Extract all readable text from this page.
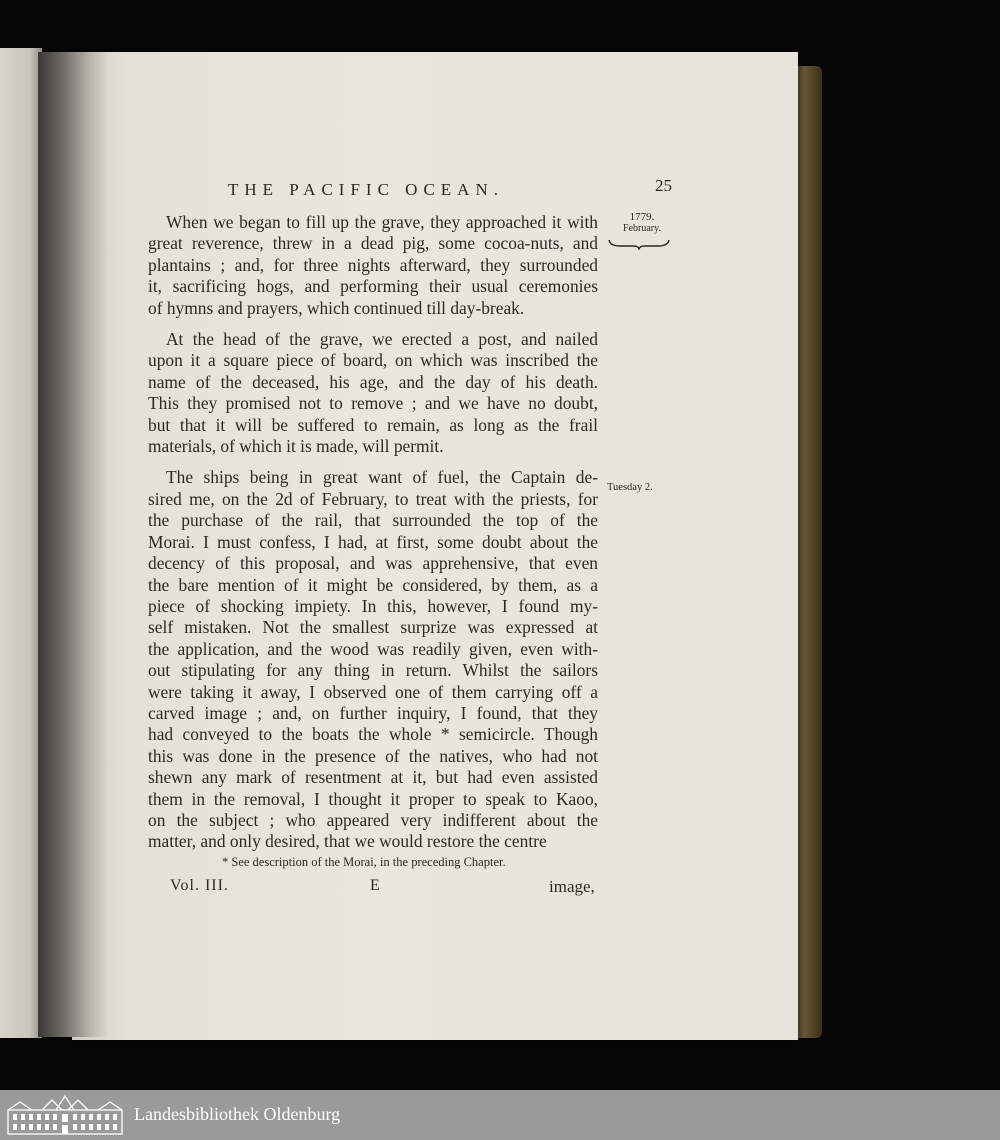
THE PACIFIC OCEAN.	25
1779.
February.
Tuesday 2.

When we began to fill up the grave, they approached it with
great reverence, threw in a dead pig, some cocoa-nuts, and
plantains ; and, for three nights afterward, they surrounded
it, sacrificing hogs, and performing their usual ceremonies
of hymns and prayers, which continued till day-break.

At the head of the grave, we erected a post, and nailed
upon it a square piece of board, on which was inscribed the
name of the deceased, his age, and the day of his death.
This they promised not to remove ; and we have no doubt,
but that it will be suffered to remain, as long as the frail
materials, of which it is made, will permit.

The ships being in great want of fuel, the Captain de-
sired me, on the 2d of February, to treat with the priests, for
the purchase of the rail, that surrounded the top of the
Morai. I must confess, I had, at first, some doubt about the
decency of this proposal, and was apprehensive, that even
the bare mention of it might be considered, by them, as a
piece of shocking impiety. In this, however, I found my-
self mistaken. Not the smallest surprize was expressed at
the application, and the wood was readily given, even with-
out stipulating for any thing in return. Whilst the sailors
were taking it away, I observed one of them carrying off a
carved image ; and, on further inquiry, I found, that they
had conveyed to the boats the whole * semicircle. Though
this was done in the presence of the natives, who had not
shewn any mark of resentment at it, but had even assisted
them in the removal, I thought it proper to speak to Kaoo,
on the subject ; who appeared very indifferent about the
matter, and only desired, that we would restore the centre

* See description of the Morai, in the preceding Chapter.
Vol. III.	E	image,
Landesbibliothek Oldenburg
